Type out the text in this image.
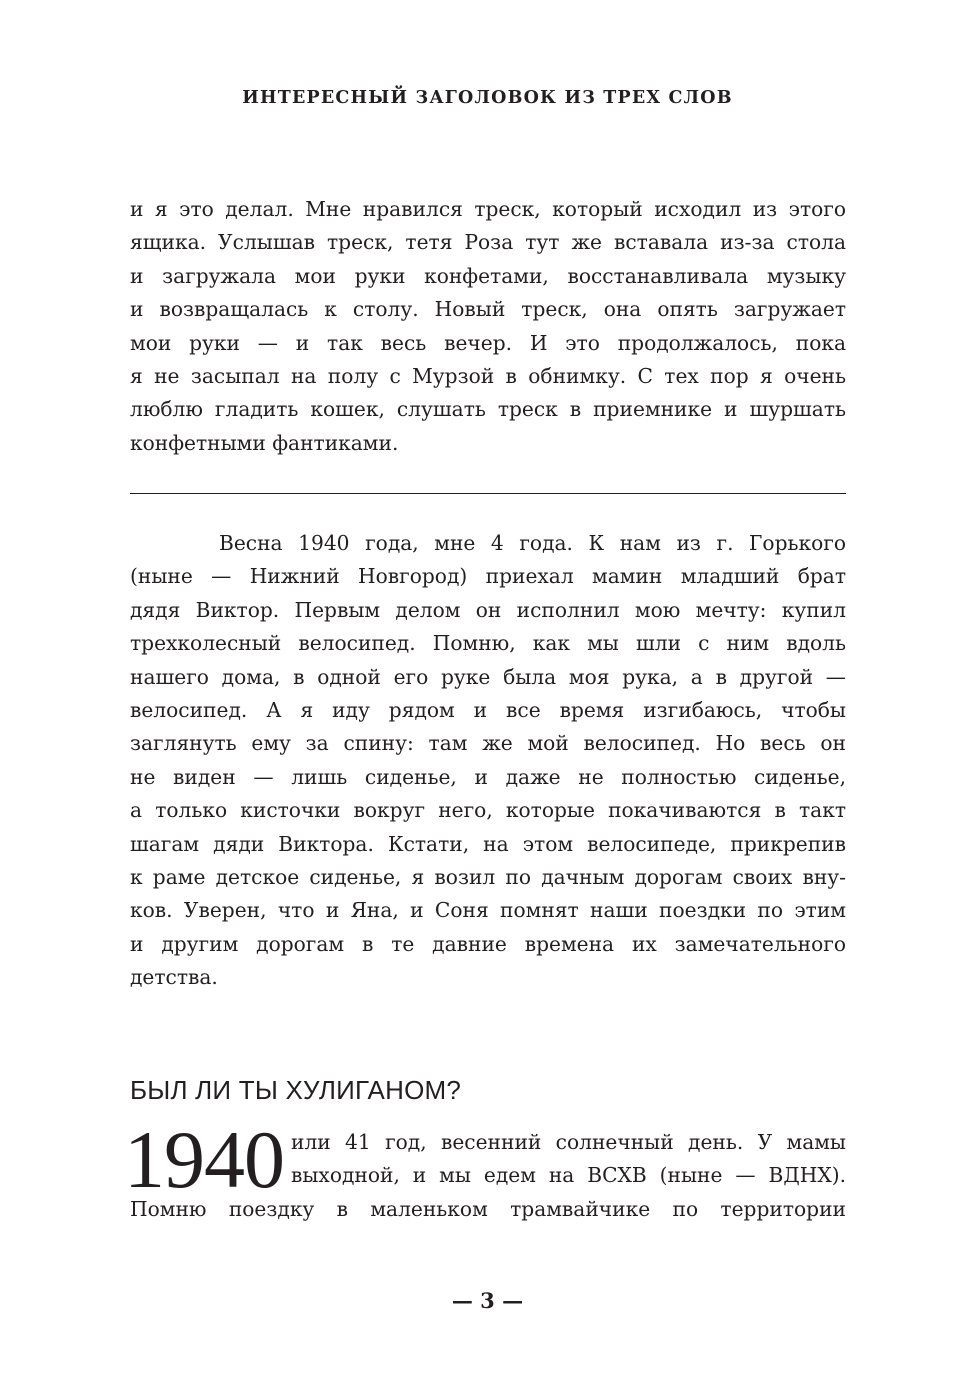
ИНТЕРЕСНЫЙ ЗАГОЛОВОК ИЗ ТРЕХ СЛОВ
и я это делал. Мне нравился треск, который исходил из этого
ящика. Услышав треск, тетя Роза тут же вставала из-за стола
и загружала мои руки конфетами, восстанавливала музыку
и возвращалась к столу. Новый треск, она опять загружает
мои руки — и так весь вечер. И это продолжалось, пока
я не засыпал на полу с Мурзой в обнимку. С тех пор я очень
люблю гладить кошек, слушать треск в приемнике и шуршать
конфетными фантиками.
Весна 1940 года, мне 4 года. К нам из г. Горького
(ныне — Нижний Новгород) приехал мамин младший брат
дядя Виктор. Первым делом он исполнил мою мечту: купил
трехколесный велосипед. Помню, как мы шли с ним вдоль
нашего дома, в одной его руке была моя рука, а в другой —
велосипед. А я иду рядом и все время изгибаюсь, чтобы
заглянуть ему за спину: там же мой велосипед. Но весь он
не виден — лишь сиденье, и даже не полностью сиденье,
а только кисточки вокруг него, которые покачиваются в такт
шагам дяди Виктора. Кстати, на этом велосипеде, прикрепив
к раме детское сиденье, я возил по дачным дорогам своих вну-
ков. Уверен, что и Яна, и Соня помнят наши поездки по этим
и другим дорогам в те давние времена их замечательного
детства.
БЫЛ ЛИ ТЫ ХУЛИГАНОМ?
1940 или 41 год, весенний солнечный день. У мамы
выходной, и мы едем на ВСХВ (ныне — ВДНХ).
Помню поездку в маленьком трамвайчике по территории
— 3 —
